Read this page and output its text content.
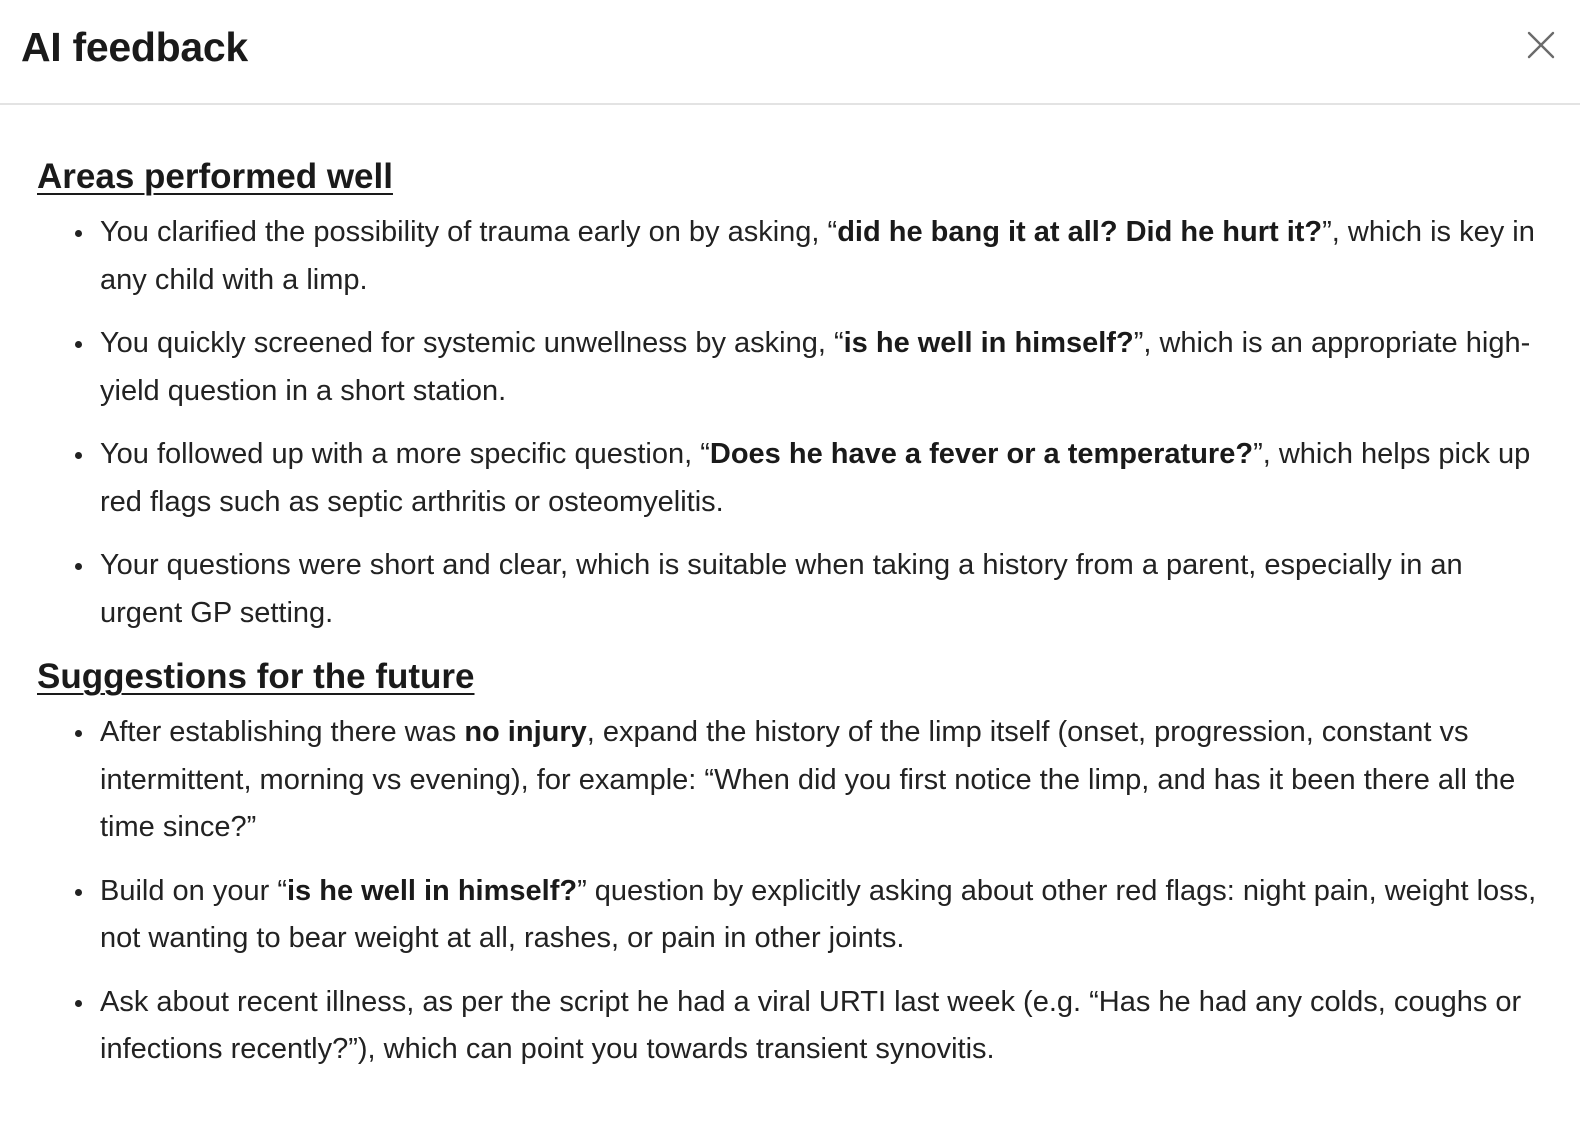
AI feedback
Areas performed well
You clarified the possibility of trauma early on by asking, “did he bang it at all? Did he hurt it?”, which is key in any child with a limp.
You quickly screened for systemic unwellness by asking, “is he well in himself?”, which is an appropriate high-yield question in a short station.
You followed up with a more specific question, “Does he have a fever or a temperature?”, which helps pick up red flags such as septic arthritis or osteomyelitis.
Your questions were short and clear, which is suitable when taking a history from a parent, especially in an urgent GP setting.
Suggestions for the future
After establishing there was no injury, expand the history of the limp itself (onset, progression, constant vs intermittent, morning vs evening), for example: “When did you first notice the limp, and has it been there all the time since?”
Build on your “is he well in himself?” question by explicitly asking about other red flags: night pain, weight loss, not wanting to bear weight at all, rashes, or pain in other joints.
Ask about recent illness, as per the script he had a viral URTI last week (e.g. “Has he had any colds, coughs or infections recently?”), which can point you towards transient synovitis.
